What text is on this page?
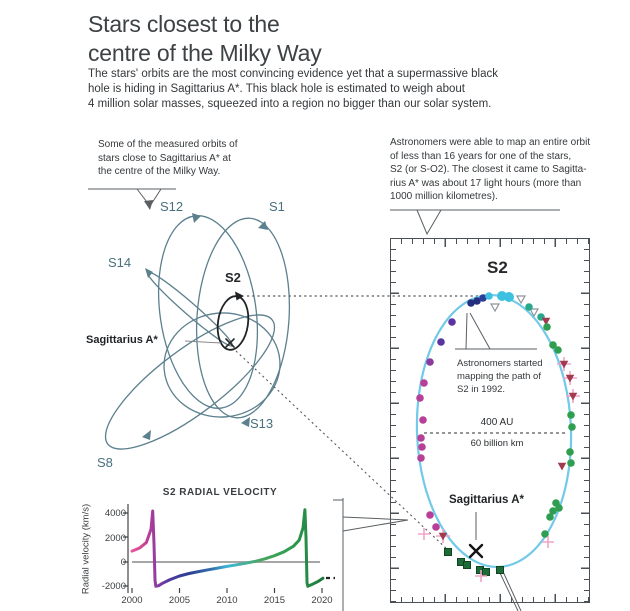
Stars closest to the
centre of the Milky Way
The stars' orbits are the most convincing evidence yet that a supermassive black
hole is hiding in Sagittarius A*. This black hole is estimated to weigh about
4 million solar masses, squeezed into a region no bigger than our solar system.
Some of the measured orbits of
stars close to Sagittarius A* at
the centre of the Milky Way.
Astronomers were able to map an entire orbit
of less than 16 years for one of the stars,
S2 (or S-O2). The closest it came to Sagitta-
rius A* was about 17 light hours (more than
1000 million kilometres).
S12	S1
S14
S2
Sagittarius A*
S13
S8
S2
Astronomers started
mapping the path of
S2 in 1992.
400 AU
60 billion km
Sagittarius A*
S2 RADIAL VELOCITY
Radial velocity (km/s)	4000
2000
0
-2000
2000	2005	2010	2015	2020
